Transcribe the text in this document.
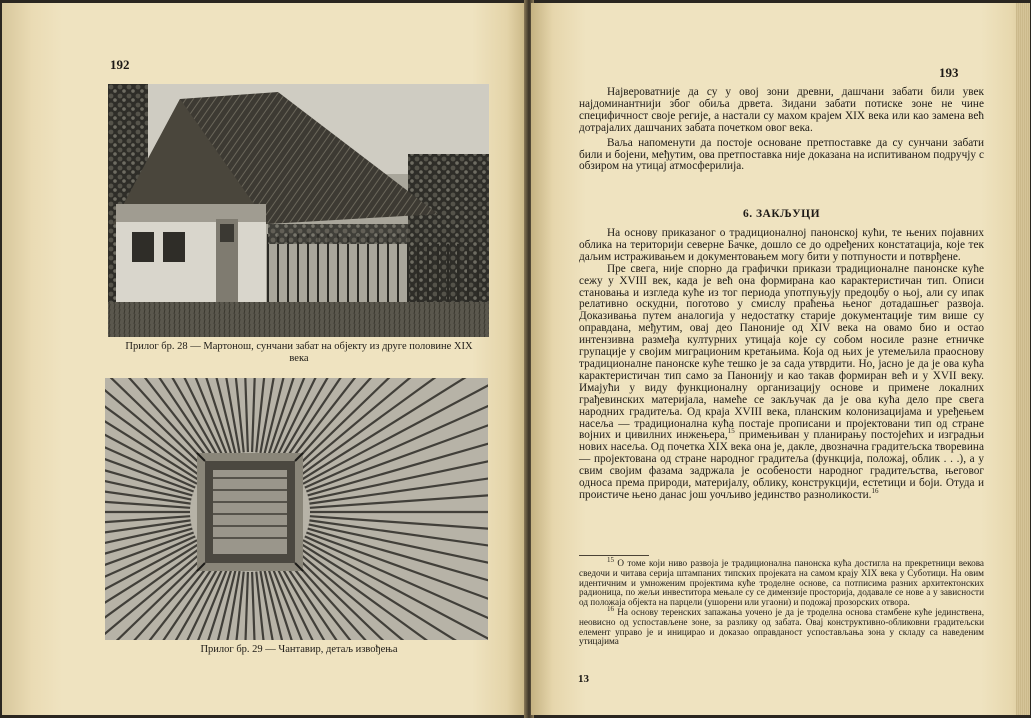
192
Прилог бр. 28 — Мартонош, сунчани забат на објекту из друге половине XIX века
Прилог бр. 29 — Чантавир, детаљ извођења
193

Највероватније да су у овој зони древни, дашчани забати били увек најдоминантнији због обиља дрвета. Зидани забати потиске зоне не чине специфичност своје регије, а настали су махом крајем XIX века или као замена већ дотрајалих дашчаних забата почетком овог века.

Ваља напоменути да постоје основане претпоставке да су сунчани забати били и бојени, међутим, ова претпоставка није доказана на испитиваном подручју с обзиром на утицај атмосферилија.

6. ЗАКЉУЦИ

На основу приказаног о традиционалној панонској кући, те њених појавних облика на територији северне Бачке, дошло се до одређених констатација, које тек даљим истраживањем и документовањем могу бити у потпуности и потврђене.

Пре свега, није спорно да графички прикази традиционалне панонске куће сежу у XVIII век, када је већ она формирана као карактеристичан тип. Описи становања и изгледа куће из тог периода употпуњују предоџбу о њој, али су ипак релативно оскудни, поготово у смислу праћења њеног дотадашњег развоја. Доказивања путем аналогија у недостатку старије документације тим више су оправдана, међутим, овај део Паноније од XIV века на овамо био и остао интензивна размеђа културних утицаја које су собом носиле разне етничке групације у својим миграционим кретањима. Која од њих је утемељила праоснову традиционалне панонске куће тешко је за сада утврдити. Но, јасно је да је ова кућа карактеристичан тип само за Панонију и као такав формиран већ и у XVII веку. Имајући у виду функционалну организацију основе и примене локалних грађевинских материјала, намеће се закључак да је ова кућа дело пре свега народних градитеља. Од краја XVIII века, планским колонизацијама и уређењем насеља — традиционална кућа постаје прописани и пројектовани тип од стране војних и цивилних инжењера,$^{15}$ примењиван у планирању постојећих и изградњи нових насеља. Од почетка XIX века она је, дакле, двозначна градитељска творевина — пројектована од стране народног градитеља (функција, положај, облик . . .), а у свим својим фазама задржала је особености народног градитељства, његовог односа према природи, материјалу, облику, конструкцији, естетици и боји. Отуда и проистиче њено данас још уочљиво јединство разноликости.$^{16}$

$^{15}$ О томе који ниво развоја је традиционална панонска кућа достигла на прекретници векова сведочи и читава серија штампаних типских пројеката на самом крају XIX века у Суботици. На овим идентичним и умноженим пројектима куће троделне основе, са потписима разних архитектонских радионица, по жељи инвеститора мењале су се димензије просторија, додавале се нове а у зависности од положаја објекта на парцели (ушорени или угаони) и подожај прозорских отвора.

$^{16}$ На основу теренских запажања уочено је да је троделна основа стамбене куће јединствена, неовисно од успостављене зоне, за разлику од забата. Овај конструктивно-обликовни градитељски елемент управо је и иницирао и доказао оправданост успостављања зона у складу са наведеним утицајима

13
